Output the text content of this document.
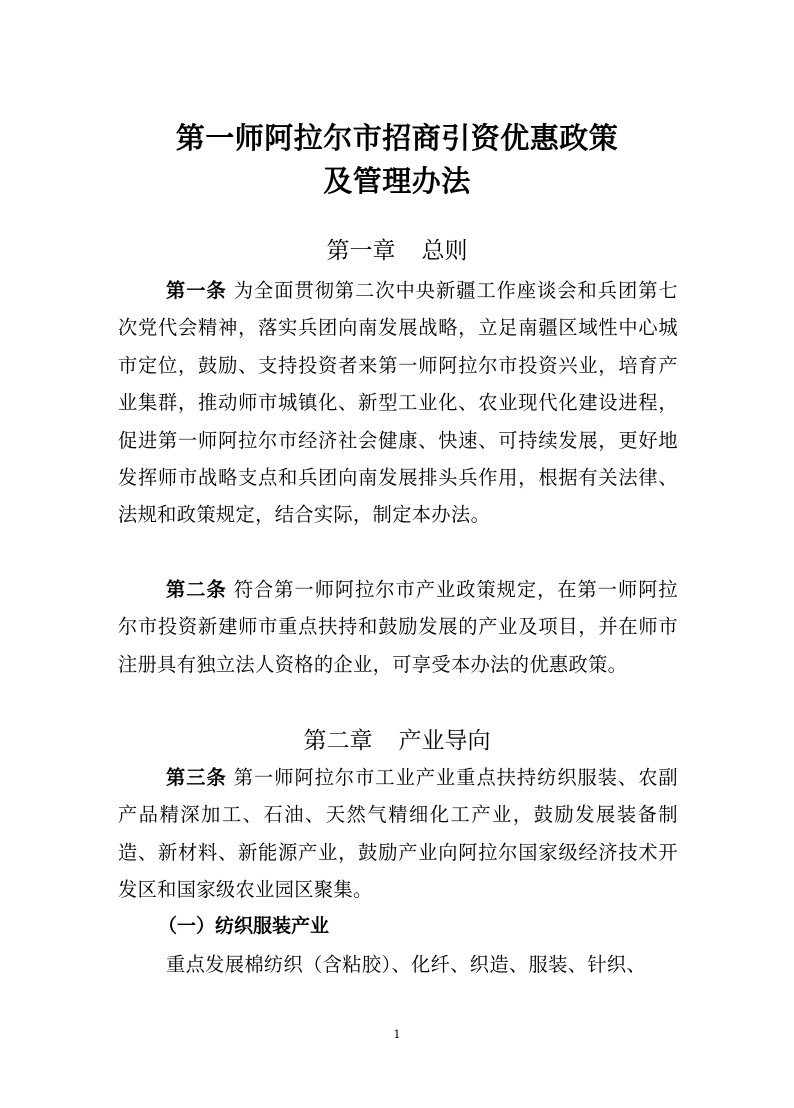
第一师阿拉尔市招商引资优惠政策
及管理办法
第一章 总则

第一条 为全面贯彻第二次中央新疆工作座谈会和兵团第七次党代会精神，落实兵团向南发展战略，立足南疆区域性中心城市定位，鼓励、支持投资者来第一师阿拉尔市投资兴业，培育产业集群，推动师市城镇化、新型工业化、农业现代化建设进程，促进第一师阿拉尔市经济社会健康、快速、可持续发展，更好地发挥师市战略支点和兵团向南发展排头兵作用，根据有关法律、法规和政策规定，结合实际，制定本办法。

第二条 符合第一师阿拉尔市产业政策规定，在第一师阿拉尔市投资新建师市重点扶持和鼓励发展的产业及项目，并在师市注册具有独立法人资格的企业，可享受本办法的优惠政策。

第二章 产业导向

第三条 第一师阿拉尔市工业产业重点扶持纺织服装、农副产品精深加工、石油、天然气精细化工产业，鼓励发展装备制造、新材料、新能源产业，鼓励产业向阿拉尔国家级经济技术开发区和国家级农业园区聚集。

（一）纺织服装产业

重点发展棉纺织（含粘胶）、化纤、织造、服装、针织、

1
